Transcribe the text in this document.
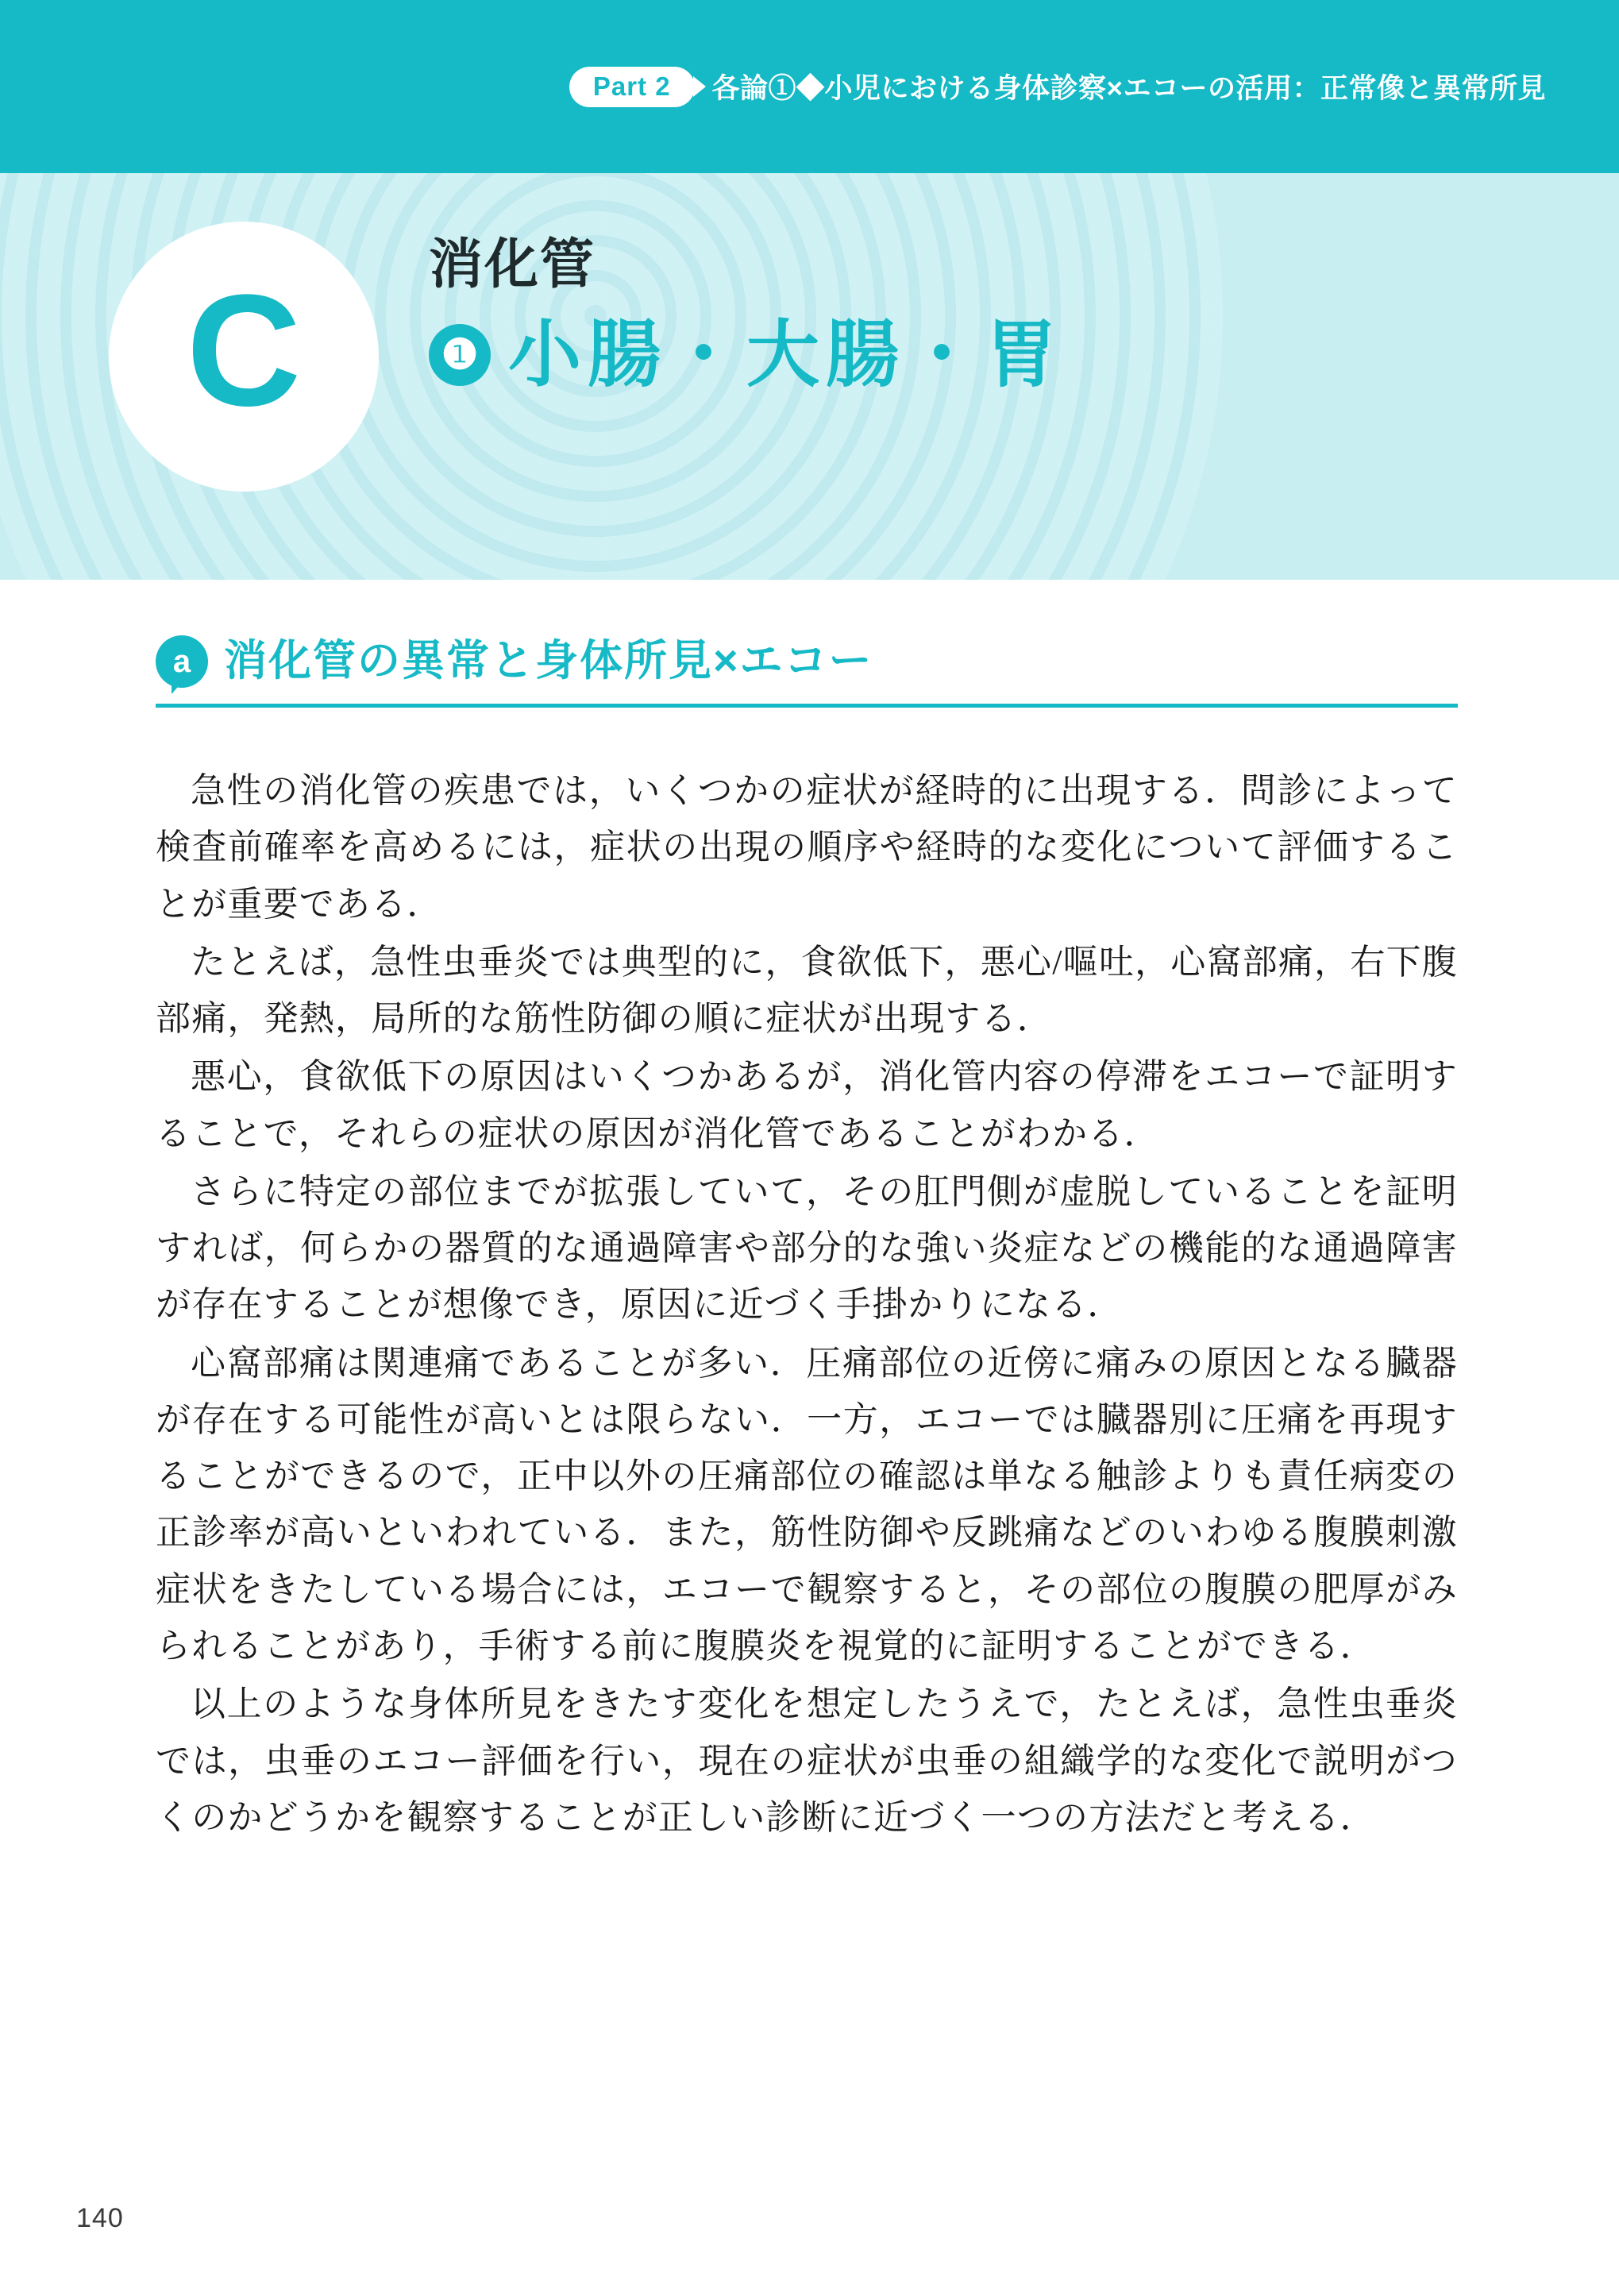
Part 2	各論①◆小児における身体診察×エコーの活用：正常像と異常所見
C 消化管
❶ 小腸・大腸・胃
a 消化管の異常と身体所見×エコー

急性の消化管の疾患では，いくつかの症状が経時的に出現する．問診によって検査前確率を高めるには，症状の出現の順序や経時的な変化について評価することが重要である．

たとえば，急性虫垂炎では典型的に，食欲低下，悪心/嘔吐，心窩部痛，右下腹部痛，発熱，局所的な筋性防御の順に症状が出現する．

悪心，食欲低下の原因はいくつかあるが，消化管内容の停滞をエコーで証明することで，それらの症状の原因が消化管であることがわかる．

さらに特定の部位までが拡張していて，その肛門側が虚脱していることを証明すれば，何らかの器質的な通過障害や部分的な強い炎症などの機能的な通過障害が存在することが想像でき，原因に近づく手掛かりになる．

心窩部痛は関連痛であることが多い．圧痛部位の近傍に痛みの原因となる臓器が存在する可能性が高いとは限らない．一方，エコーでは臓器別に圧痛を再現することができるので，正中以外の圧痛部位の確認は単なる触診よりも責任病変の正診率が高いといわれている．また，筋性防御や反跳痛などのいわゆる腹膜刺激症状をきたしている場合には，エコーで観察すると，その部位の腹膜の肥厚がみられることがあり，手術する前に腹膜炎を視覚的に証明することができる．

以上のような身体所見をきたす変化を想定したうえで，たとえば，急性虫垂炎では，虫垂のエコー評価を行い，現在の症状が虫垂の組織学的な変化で説明がつくのかどうかを観察することが正しい診断に近づく一つの方法だと考える．

140
